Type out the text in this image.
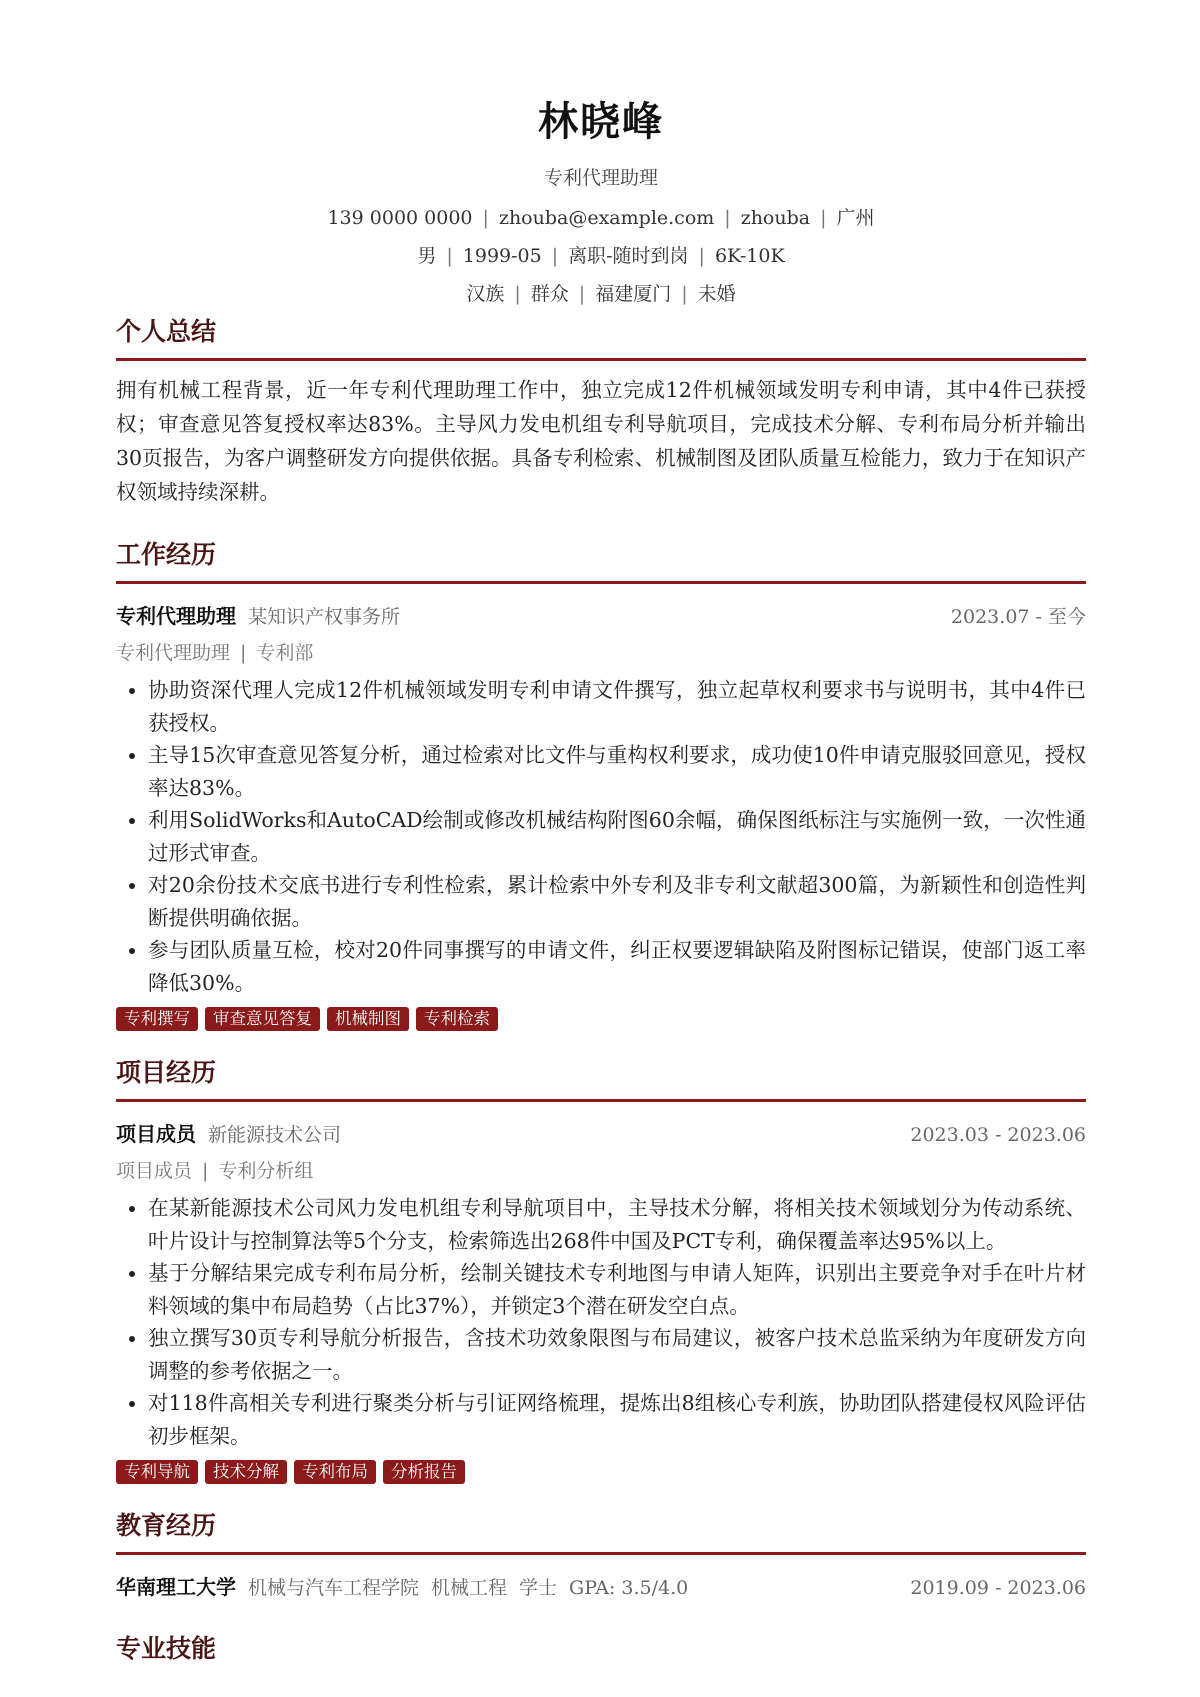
林晓峰
专利代理助理
139 0000 0000 | zhouba@example.com | zhouba | 广州
男 | 1999-05 | 离职-随时到岗 | 6K-10K
汉族 | 群众 | 福建厦门 | 未婚
个人总结
拥有机械工程背景，近一年专利代理助理工作中，独立完成12件机械领域发明专利申请，其中4件已获授权；审查意见答复授权率达83%。主导风力发电机组专利导航项目，完成技术分解、专利布局分析并输出30页报告，为客户调整研发方向提供依据。具备专利检索、机械制图及团队质量互检能力，致力于在知识产权领域持续深耕。
工作经历
专利代理助理 某知识产权事务所	2023.07 - 至今
专利代理助理 | 专利部
• 协助资深代理人完成12件机械领域发明专利申请文件撰写，独立起草权利要求书与说明书，其中4件已获授权。
• 主导15次审查意见答复分析，通过检索对比文件与重构权利要求，成功使10件申请克服驳回意见，授权率达83%。
• 利用SolidWorks和AutoCAD绘制或修改机械结构附图60余幅，确保图纸标注与实施例一致，一次性通过形式审查。
• 对20余份技术交底书进行专利性检索，累计检索中外专利及非专利文献超300篇，为新颖性和创造性判断提供明确依据。
• 参与团队质量互检，校对20件同事撰写的申请文件，纠正权要逻辑缺陷及附图标记错误，使部门返工率降低30%。
专利撰写	审查意见答复	机械制图	专利检索
项目经历
项目成员 新能源技术公司	2023.03 - 2023.06
项目成员 | 专利分析组
• 在某新能源技术公司风力发电机组专利导航项目中，主导技术分解，将相关技术领域划分为传动系统、叶片设计与控制算法等5个分支，检索筛选出268件中国及PCT专利，确保覆盖率达95%以上。
• 基于分解结果完成专利布局分析，绘制关键技术专利地图与申请人矩阵，识别出主要竞争对手在叶片材料领域的集中布局趋势（占比37%），并锁定3个潜在研发空白点。
• 独立撰写30页专利导航分析报告，含技术功效象限图与布局建议，被客户技术总监采纳为年度研发方向调整的参考依据之一。
• 对118件高相关专利进行聚类分析与引证网络梳理，提炼出8组核心专利族，协助团队搭建侵权风险评估初步框架。
专利导航	技术分解	专利布局	分析报告
教育经历
华南理工大学 机械与汽车工程学院 机械工程 学士 GPA: 3.5/4.0	2019.09 - 2023.06
专业技能
